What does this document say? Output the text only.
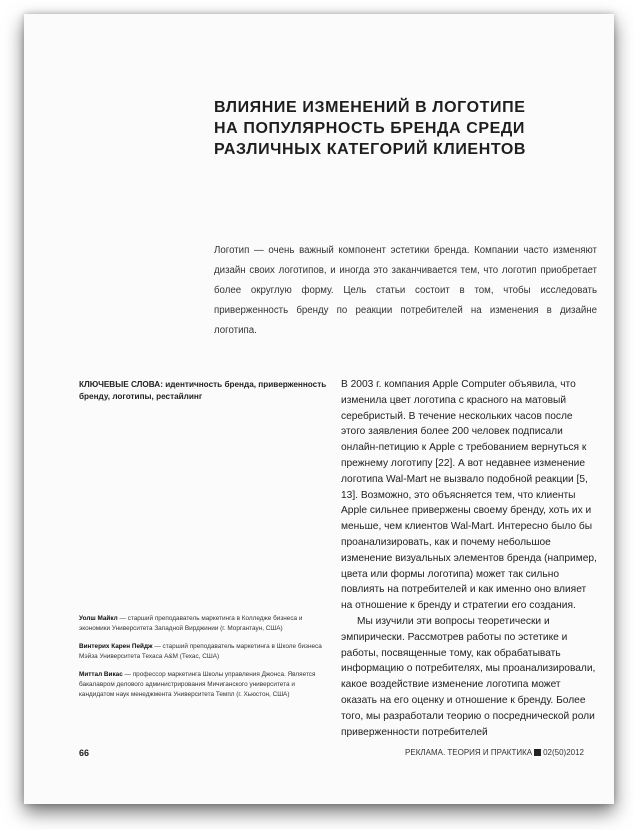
ВЛИЯНИЕ ИЗМЕНЕНИЙ В ЛОГОТИПЕ
НА ПОПУЛЯРНОСТЬ БРЕНДА СРЕДИ
РАЗЛИЧНЫХ КАТЕГОРИЙ КЛИЕНТОВ

Логотип — очень важный компонент эстетики бренда. Компании часто изменяют дизайн своих логотипов, и иногда это заканчивается тем, что логотип приобретает более округлую форму. Цель статьи состоит в том, чтобы исследовать приверженность бренду по реакции потребителей на изменения в дизайне логотипа.

КЛЮЧЕВЫЕ СЛОВА: идентичность бренда, приверженность бренду, логотипы, рестайлинг

В 2003 г. компания Apple Computer объявила, что изменила цвет логотипа с красного на матовый серебристый. В течение нескольких часов после этого заявления более 200 человек подписали онлайн-петицию к Apple с требованием вернуться к прежнему логотипу [22]. А вот недавнее изменение логотипа Wal-Mart не вызвало подобной реакции [5, 13]. Возможно, это объясняется тем, что клиенты Apple сильнее привержены своему бренду, хоть их и меньше, чем клиентов Wal-Mart. Интересно было бы проанализировать, как и почему небольшое изменение визуальных элементов бренда (например, цвета или формы логотипа) может так сильно повлиять на потребителей и как именно оно влияет на отношение к бренду и стратегии его создания.

Мы изучили эти вопросы теоретически и эмпирически. Рассмотрев работы по эстетике и работы, посвященные тому, как обрабатывать информацию о потребителях, мы проанализировали, какое воздействие изменение логотипа может оказать на его оценку и отношение к бренду. Более того, мы разработали теорию о посреднической роли приверженности потребителей

Уолш Майкл — старший преподаватель маркетинга в Колледже бизнеса и экономики Университета Западной Вирджинии (г. Моргантаун, США)
Винтерих Карен Пейдж — старший преподаватель маркетинга в Школе бизнеса Мэйза Университета Техаса A&M (Техас, США)
Миттал Викас — профессор маркетинга Школы управления Джонса. Является бакалавром делового администрирования Мичиганского университета и кандидатом наук менеджмента Университета Темпл (г. Хьюстон, США)
66	РЕКЛАМА. ТЕОРИЯ И ПРАКТИКА 02(50)2012
